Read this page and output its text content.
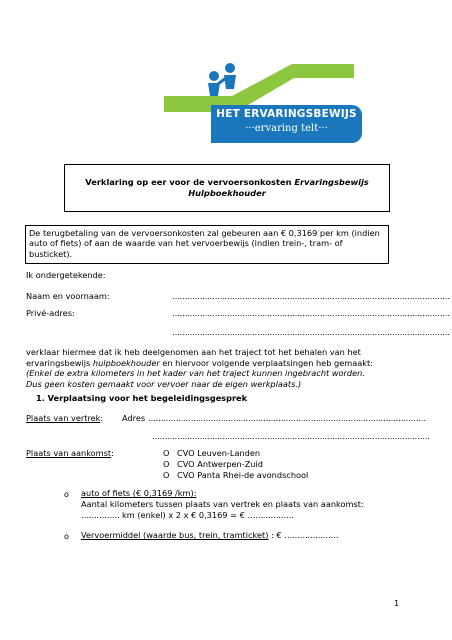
HET ERVARINGSBEWIJS
···ervaring telt···
Verklaring op eer voor de vervoersonkosten Ervaringsbewijs
Hulpboekhouder
De terugbetaling van de vervoersonkosten zal gebeuren aan € 0,3169 per km (indien
auto of fiets) of aan de waarde van het vervoerbewijs (indien trein-, tram- of
busticket).
Ik ondergetekende:
Naam en voornaam:	…………………………………………………………………………………………………
Privé-adres:	…………………………………………………………………………………………………
…………………………………………………………………………………………………
verklaar hiermee dat ik heb deelgenomen aan het traject tot het behalen van het
ervaringsbewijs hulpboekhouder en hiervoor volgende verplaatsingen heb gemaakt:
(Enkel de extra kilometers in het kader van het traject kunnen ingebracht worden.
Dus geen kosten gemaakt voor vervoer naar de eigen werkplaats.)
1. Verplaatsing voor het begeleidingsgesprek
Plaats van vertrek: Adres …………………………………………………………………………………………………
…………………………………………………………………………………………………
Plaats van aankomst:	O CVO Leuven-Landen
O CVO Antwerpen-Zuid
O CVO Panta Rhei-de avondschool
o auto of fiets (€ 0,3169 /km):
Aantal kilometers tussen plaats van vertrek en plaats van aankomst:
…………… km (enkel) x 2 x € 0,3169 = € ………………
o Vervoermiddel (waarde bus, trein, tramticket) : € …………………
1
